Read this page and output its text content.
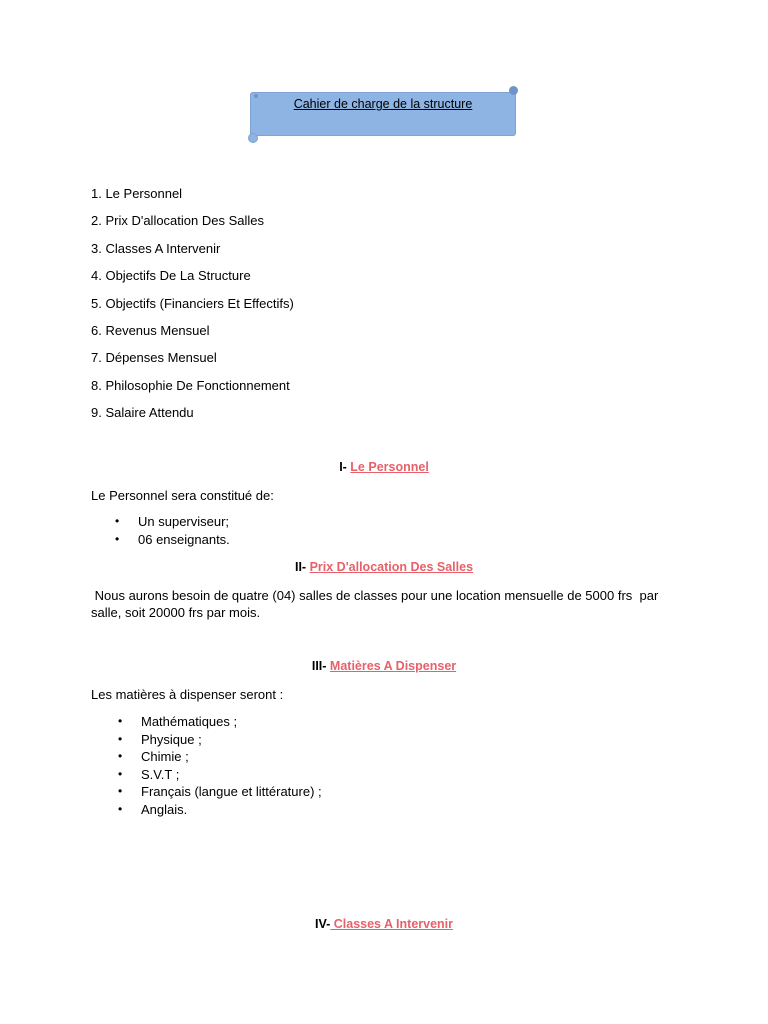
Cahier de charge de la structure
1. Le Personnel
2. Prix D'allocation Des Salles
3. Classes A Intervenir
4. Objectifs De La Structure
5. Objectifs (Financiers Et Effectifs)
6. Revenus Mensuel
7. Dépenses Mensuel
8. Philosophie De Fonctionnement
9. Salaire Attendu
I- Le Personnel
Le Personnel sera constitué de:
• Un superviseur;
• 06 enseignants.
II- Prix D'allocation Des Salles
Nous aurons besoin de quatre (04) salles de classes pour une location mensuelle de 5000 frs  par
salle, soit 20000 frs par mois.
III- Matières A Dispenser
Les matières à dispenser seront :
• Mathématiques ;
• Physique ;
• Chimie ;
• S.V.T ;
• Français (langue et littérature) ;
• Anglais.
IV- Classes A Intervenir
